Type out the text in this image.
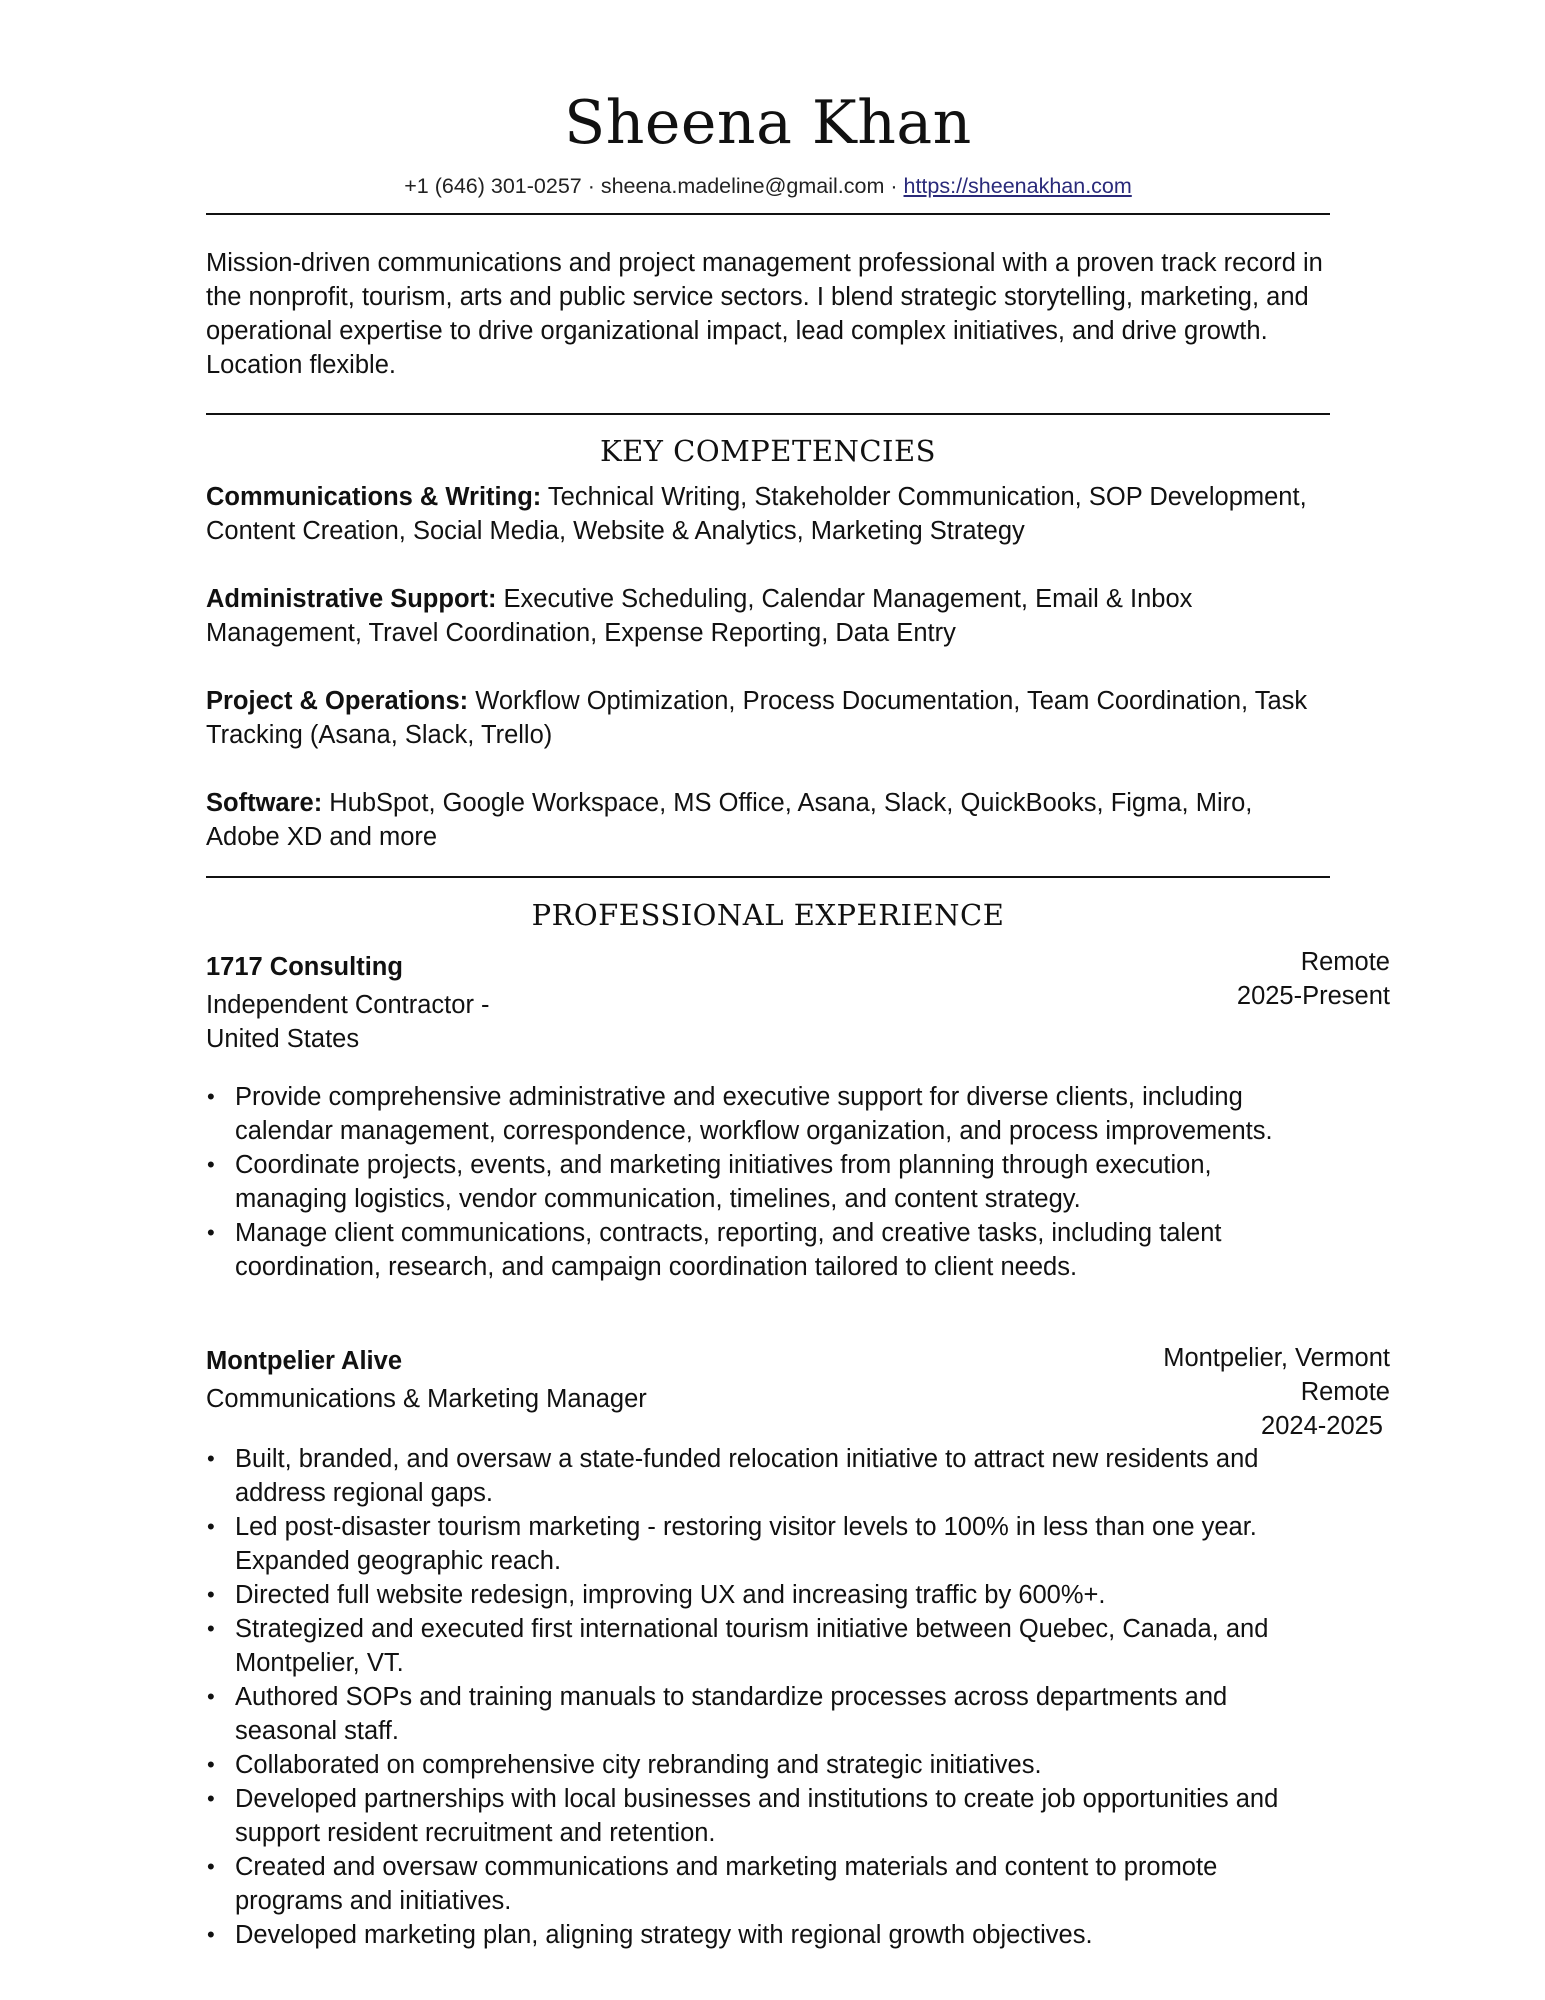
Sheena Khan
+1 (646) 301-0257 · sheena.madeline@gmail.com · https://sheenakhan.com
Mission-driven communications and project management professional with a proven track record in the nonprofit, tourism, arts and public service sectors. I blend strategic storytelling, marketing, and operational expertise to drive organizational impact, lead complex initiatives, and drive growth. Location flexible.
KEY COMPETENCIES
Communications & Writing: Technical Writing, Stakeholder Communication, SOP Development, Content Creation, Social Media, Website & Analytics, Marketing Strategy
Administrative Support: Executive Scheduling, Calendar Management, Email & Inbox Management, Travel Coordination, Expense Reporting, Data Entry
Project & Operations: Workflow Optimization, Process Documentation, Team Coordination, Task Tracking (Asana, Slack, Trello)
Software: HubSpot, Google Workspace, MS Office, Asana, Slack, QuickBooks, Figma, Miro, Adobe XD and more
PROFESSIONAL EXPERIENCE
1717 Consulting
Independent Contractor -
United States
Remote
2025-Present
• Provide comprehensive administrative and executive support for diverse clients, including calendar management, correspondence, workflow organization, and process improvements.
• Coordinate projects, events, and marketing initiatives from planning through execution, managing logistics, vendor communication, timelines, and content strategy.
• Manage client communications, contracts, reporting, and creative tasks, including talent coordination, research, and campaign coordination tailored to client needs.
Montpelier Alive
Communications & Marketing Manager
Montpelier, Vermont
Remote
2024-2025
• Built, branded, and oversaw a state-funded relocation initiative to attract new residents and address regional gaps.
• Led post-disaster tourism marketing - restoring visitor levels to 100% in less than one year. Expanded geographic reach.
• Directed full website redesign, improving UX and increasing traffic by 600%+.
• Strategized and executed first international tourism initiative between Quebec, Canada, and Montpelier, VT.
• Authored SOPs and training manuals to standardize processes across departments and seasonal staff.
• Collaborated on comprehensive city rebranding and strategic initiatives.
• Developed partnerships with local businesses and institutions to create job opportunities and support resident recruitment and retention.
• Created and oversaw communications and marketing materials and content to promote programs and initiatives.
• Developed marketing plan, aligning strategy with regional growth objectives.
